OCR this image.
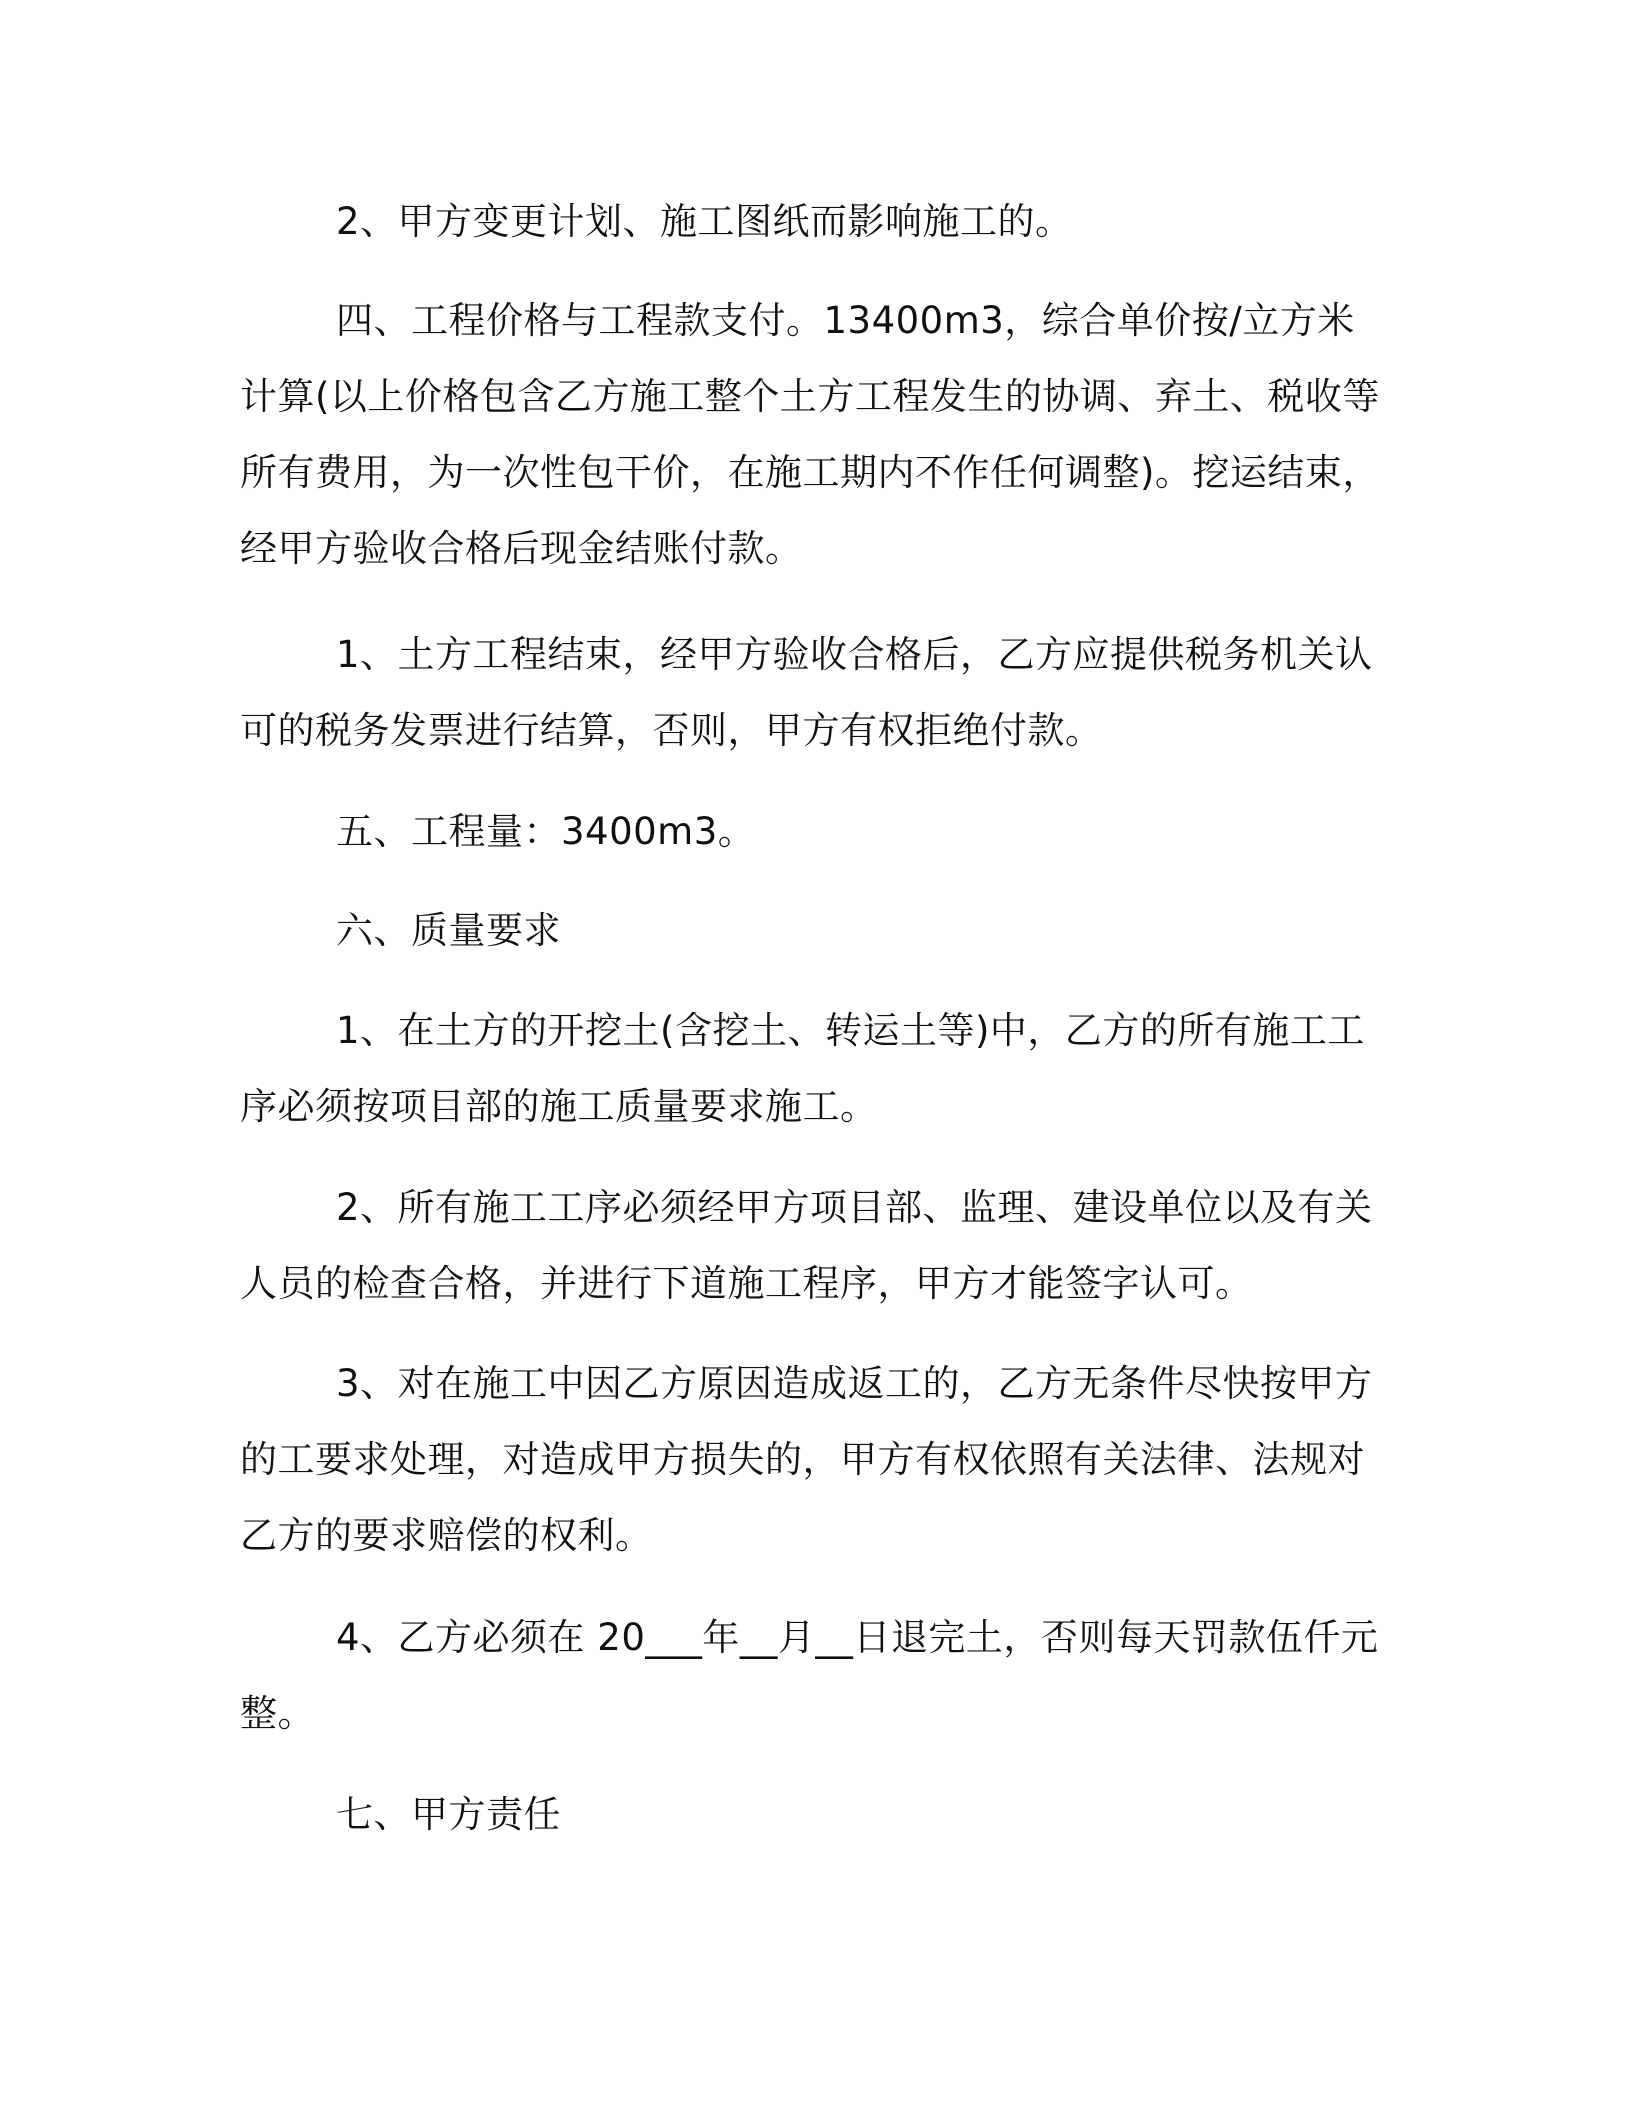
2、甲方变更计划、施工图纸而影响施工的。

四、工程价格与工程款支付。13400m3，综合单价按/立方米计算(以上价格包含乙方施工整个土方工程发生的协调、弃土、税收等所有费用，为一次性包干价，在施工期内不作任何调整)。挖运结束，经甲方验收合格后现金结账付款。

1、土方工程结束，经甲方验收合格后，乙方应提供税务机关认可的税务发票进行结算，否则，甲方有权拒绝付款。

五、工程量：3400m3。

六、质量要求

1、在土方的开挖土(含挖土、转运土等)中，乙方的所有施工工序必须按项目部的施工质量要求施工。

2、所有施工工序必须经甲方项目部、监理、建设单位以及有关人员的检查合格，并进行下道施工程序，甲方才能签字认可。

3、对在施工中因乙方原因造成返工的，乙方无条件尽快按甲方的工要求处理，对造成甲方损失的，甲方有权依照有关法律、法规对乙方的要求赔偿的权利。

4、乙方必须在 20___年__月__日退完土，否则每天罚款伍仟元整。

七、甲方责任
